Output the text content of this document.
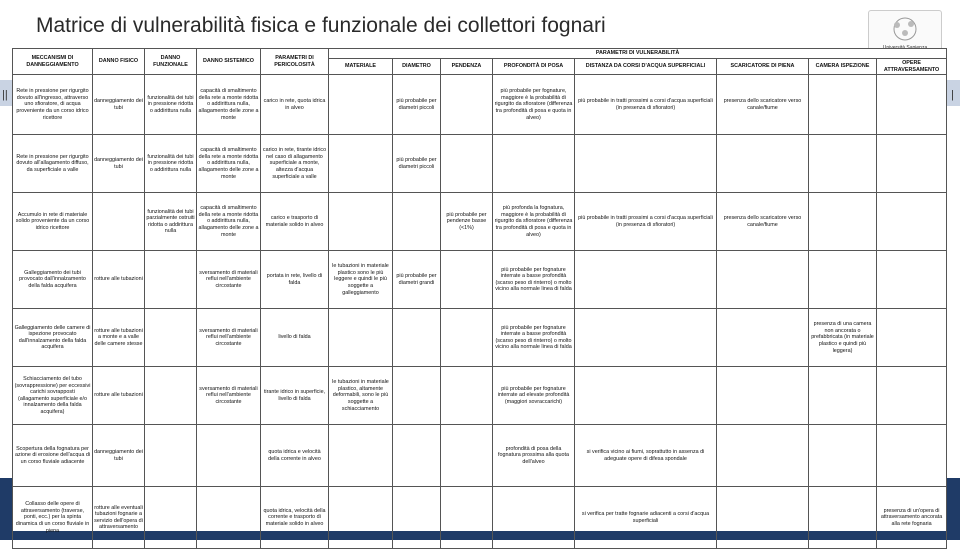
Matrice di vulnerabilità fisica e funzionale dei collettori fognari
||	|
MECCANISMI DI DANNEGGIAMENTO	DANNO FISICO	DANNO FUNZIONALE	DANNO SISTEMICO	PARAMETRI DI PERICOLOSITÀ	PARAMETRI DI VULNERABILITÀ							
					MATERIALE	DIAMETRO	PENDENZA	PROFONDITÀ DI POSA	DISTANZA DA CORSI D'ACQUA SUPERFICIALI	SCARICATORE DI PIENA	CAMERA ISPEZIONE	OPERE ATTRAVERSAMENTO
Rete in pressione per rigurgito dovuto all'ingresso, attraverso uno sfioratore, di acqua proveniente da un corso idrico ricettore	danneggiamento dei tubi	funzionalità dei tubi in pressione ridotta o addirittura nulla	capacità di smaltimento della rete a monte ridotta o addirittura nulla, allagamento delle zone a monte	carico in rete, quota idrica in alveo		più probabile per diametri piccoli		più probabile per fognature, maggiore è la probabilità di rigurgito da sfioratore (differenza tra profondità di posa e quota in alveo)	più probabile in tratti prossimi a corsi d'acqua superficiali (in presenza di sfioratori)	presenza dello scaricatore verso canale/fiume		
Rete in pressione per rigurgito dovuto all'allagamento diffuso, da superficiale a valle	danneggiamento dei tubi	funzionalità dei tubi in pressione ridotta o addirittura nulla	capacità di smaltimento della rete a monte ridotta o addirittura nulla, allagamento delle zone a monte	carico in rete, tirante idrico nel caso di allagamento superficiale a monte, altezza d'acqua superficiale a valle		più probabile per diametri piccoli						
Accumulo in rete di materiale solido proveniente da un corso idrico ricettore		funzionalità dei tubi parzialmente ostruiti ridotta o addirittura nulla	capacità di smaltimento della rete a monte ridotta o addirittura nulla, allagamento delle zone a monte	carico e trasporto di materiale solido in alveo			più probabile per pendenze basse (<1%)	più profonda la fognatura, maggiore è la probabilità di rigurgito da sfioratore (differenza tra profondità di posa e quota in alveo)	più probabile in tratti prossimi a corsi d'acqua superficiali (in presenza di sfioratori)	presenza dello scaricatore verso canale/fiume		
Galleggiamento dei tubi provocato dall'innalzamento della falda acquifera	rotture alle tubazioni		sversamento di materiali reflui nell'ambiente circostante	portata in rete, livello di falda	le tubazioni in materiale plastico sono le più leggere e quindi le più soggette a galleggiamento	più probabile per diametri grandi		più probabile per fognature interrate a basse profondità (scarso peso di rinterro) o molto vicino alla normale linea di falda				
Galleggiamento delle camere di ispezione provocato dall'innalzamento della falda acquifera	rotture alle tubazioni a monte e a valle delle camere stesse		sversamento di materiali reflui nell'ambiente circostante	livello di falda				più probabile per fognature interrate a basse profondità (scarso peso di rinterro) o molto vicino alla normale linea di falda			presenza di una camera non ancorata o prefabbricata (in materiale plastico e quindi più leggera)	
Schiacciamento del tubo (sovrappressione) per eccessivi carichi sovrapposti (allagamento superficiale e/o innalzamento della falda acquifera)	rotture alle tubazioni		sversamento di materiali reflui nell'ambiente circostante	tirante idrico in superficie, livello di falda	le tubazioni in materiale plastico, altamente deformabili, sono le più soggette a schiacciamento			più probabile per fognature interrate ad elevate profondità (maggiori sovraccarichi)				
Scopertura della fognatura per azione di erosione dell'acqua di un corso fluviale adiacente	danneggiamento dei tubi			quota idrica e velocità della corrente in alveo				profondità di posa della fognatura prossima alla quota dell'alveo	si verifica vicino ai fiumi, soprattutto in assenza di adeguate opere di difesa spondale			
Collasso delle opere di attraversamento (traverse, ponti, ecc.) per la spinta dinamica di un corso fluviale in piena	rotture alle eventuali tubazioni fognarie a servizio dell'opera di attraversamento			quota idrica, velocità della corrente e trasporto di materiale solido in alveo					si verifica per tratte fognarie adiacenti a corsi d'acqua superficiali			presenza di un'opera di attraversamento ancorata alla rete fognaria
